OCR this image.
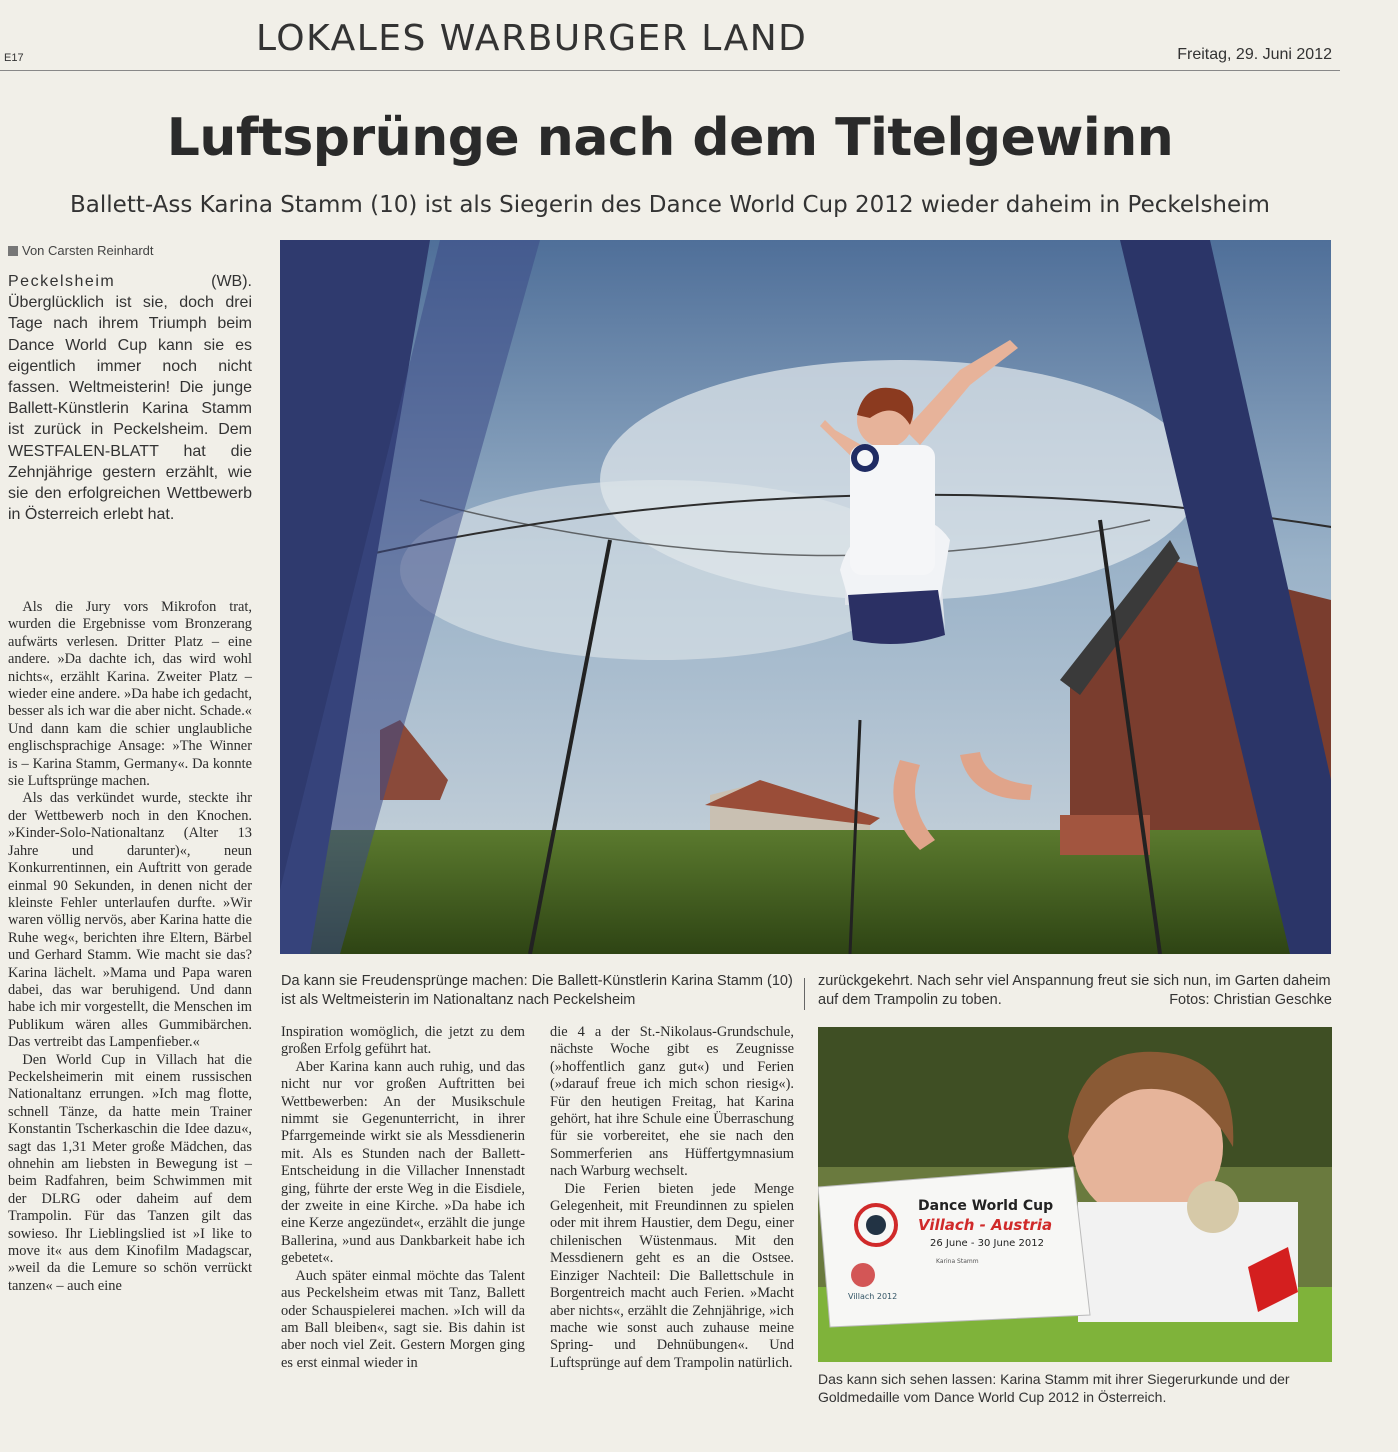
E17	LOKALES WARBURGER LAND	Freitag, 29. Juni 2012
Luftsprünge nach dem Titelgewinn
Ballett-Ass Karina Stamm (10) ist als Siegerin des Dance World Cup 2012 wieder daheim in Peckelsheim
Von Carsten Reinhardt
Peckelsheim	(WB). Überglücklich ist sie, doch drei Tage nach ihrem Triumph beim Dance World Cup kann sie es eigentlich immer noch nicht fassen. Weltmeisterin! Die junge Ballett-Künstlerin Karina Stamm ist zurück in Peckelsheim. Dem WESTFALEN-BLATT hat die Zehnjährige gestern erzählt, wie sie den erfolgreichen Wettbewerb in Österreich erlebt hat.

Als die Jury vors Mikrofon trat, wurden die Ergebnisse vom Bronzerang aufwärts verlesen. Dritter Platz – eine andere. »Da dachte ich, das wird wohl nichts«, erzählt Karina. Zweiter Platz – wieder eine andere. »Da habe ich gedacht, besser als ich war die aber nicht. Schade.« Und dann kam die schier unglaubliche englischsprachige Ansage: »The Winner is – Karina Stamm, Germany«. Da konnte sie Luftsprünge machen.

Als das verkündet wurde, steckte ihr der Wettbewerb noch in den Knochen. »Kinder-Solo-Nationaltanz (Alter 13 Jahre und darunter)«, neun Konkurrentinnen, ein Auftritt von gerade einmal 90 Sekunden, in denen nicht der kleinste Fehler unterlaufen durfte. »Wir waren völlig nervös, aber Karina hatte die Ruhe weg«, berichten ihre Eltern, Bärbel und Gerhard Stamm. Wie macht sie das? Karina lächelt. »Mama und Papa waren dabei, das war beruhigend. Und dann habe ich mir vorgestellt, die Menschen im Publikum wären alles Gummibärchen. Das vertreibt das Lampenfieber.«

Den World Cup in Villach hat die Peckelsheimerin mit einem russischen Nationaltanz errungen. »Ich mag flotte, schnell Tänze, da hatte mein Trainer Konstantin Tscherkaschin die Idee dazu«, sagt das 1,31 Meter große Mädchen, das ohnehin am liebsten in Bewegung ist – beim Radfahren, beim Schwimmen mit der DLRG oder daheim auf dem Trampolin. Für das Tanzen gilt das sowieso. Ihr Lieblingslied ist »I like to move it« aus dem Kinofilm Madagscar, »weil da die Lemure so schön verrückt tanzen« – auch eine

Da kann sie Freudensprünge machen: Die Ballett-Künstlerin Karina Stamm (10) ist als Weltmeisterin im Nationaltanz nach Peckelsheim
zurückgekehrt. Nach sehr viel Anspannung freut sie sich nun, im Garten daheim auf dem Trampolin zu toben.	Fotos: Christian Geschke

Inspiration womöglich, die jetzt zu dem großen Erfolg geführt hat.

Aber Karina kann auch ruhig, und das nicht nur vor großen Auftritten bei Wettbewerben: An der Musikschule nimmt sie Gegenunterricht, in ihrer Pfarrgemeinde wirkt sie als Messdienerin mit. Als es Stunden nach der Ballett-Entscheidung in die Villacher Innenstadt ging, führte der erste Weg in die Eisdiele, der zweite in eine Kirche. »Da habe ich eine Kerze angezündet«, erzählt die junge Ballerina, »und aus Dankbarkeit habe ich gebetet«.

Auch später einmal möchte das Talent aus Peckelsheim etwas mit Tanz, Ballett oder Schauspielerei machen. »Ich will da am Ball bleiben«, sagt sie. Bis dahin ist aber noch viel Zeit. Gestern Morgen ging es erst einmal wieder in

die 4 a der St.-Nikolaus-Grundschule, nächste Woche gibt es Zeugnisse (»hoffentlich ganz gut«) und Ferien (»darauf freue ich mich schon riesig«). Für den heutigen Freitag, hat Karina gehört, hat ihre Schule eine Überraschung für sie vorbereitet, ehe sie nach den Sommerferien ans Hüffertgymnasium nach Warburg wechselt.

Die Ferien bieten jede Menge Gelegenheit, mit Freundinnen zu spielen oder mit ihrem Haustier, dem Degu, einer chilenischen Wüstenmaus. Mit den Messdienern geht es an die Ostsee. Einziger Nachteil: Die Ballettschule in Borgentreich macht auch Ferien. »Macht aber nichts«, erzählt die Zehnjährige, »ich mache wie sonst auch zuhause meine Spring- und Dehnübungen«. Und Luftsprünge auf dem Trampolin natürlich.

Dance World Cup
Villach - Austria
26 June - 30 June 2012
Karina Stamm
Villach 2012
Das kann sich sehen lassen: Karina Stamm mit ihrer Siegerurkunde und der Goldmedaille vom Dance World Cup 2012 in Österreich.
